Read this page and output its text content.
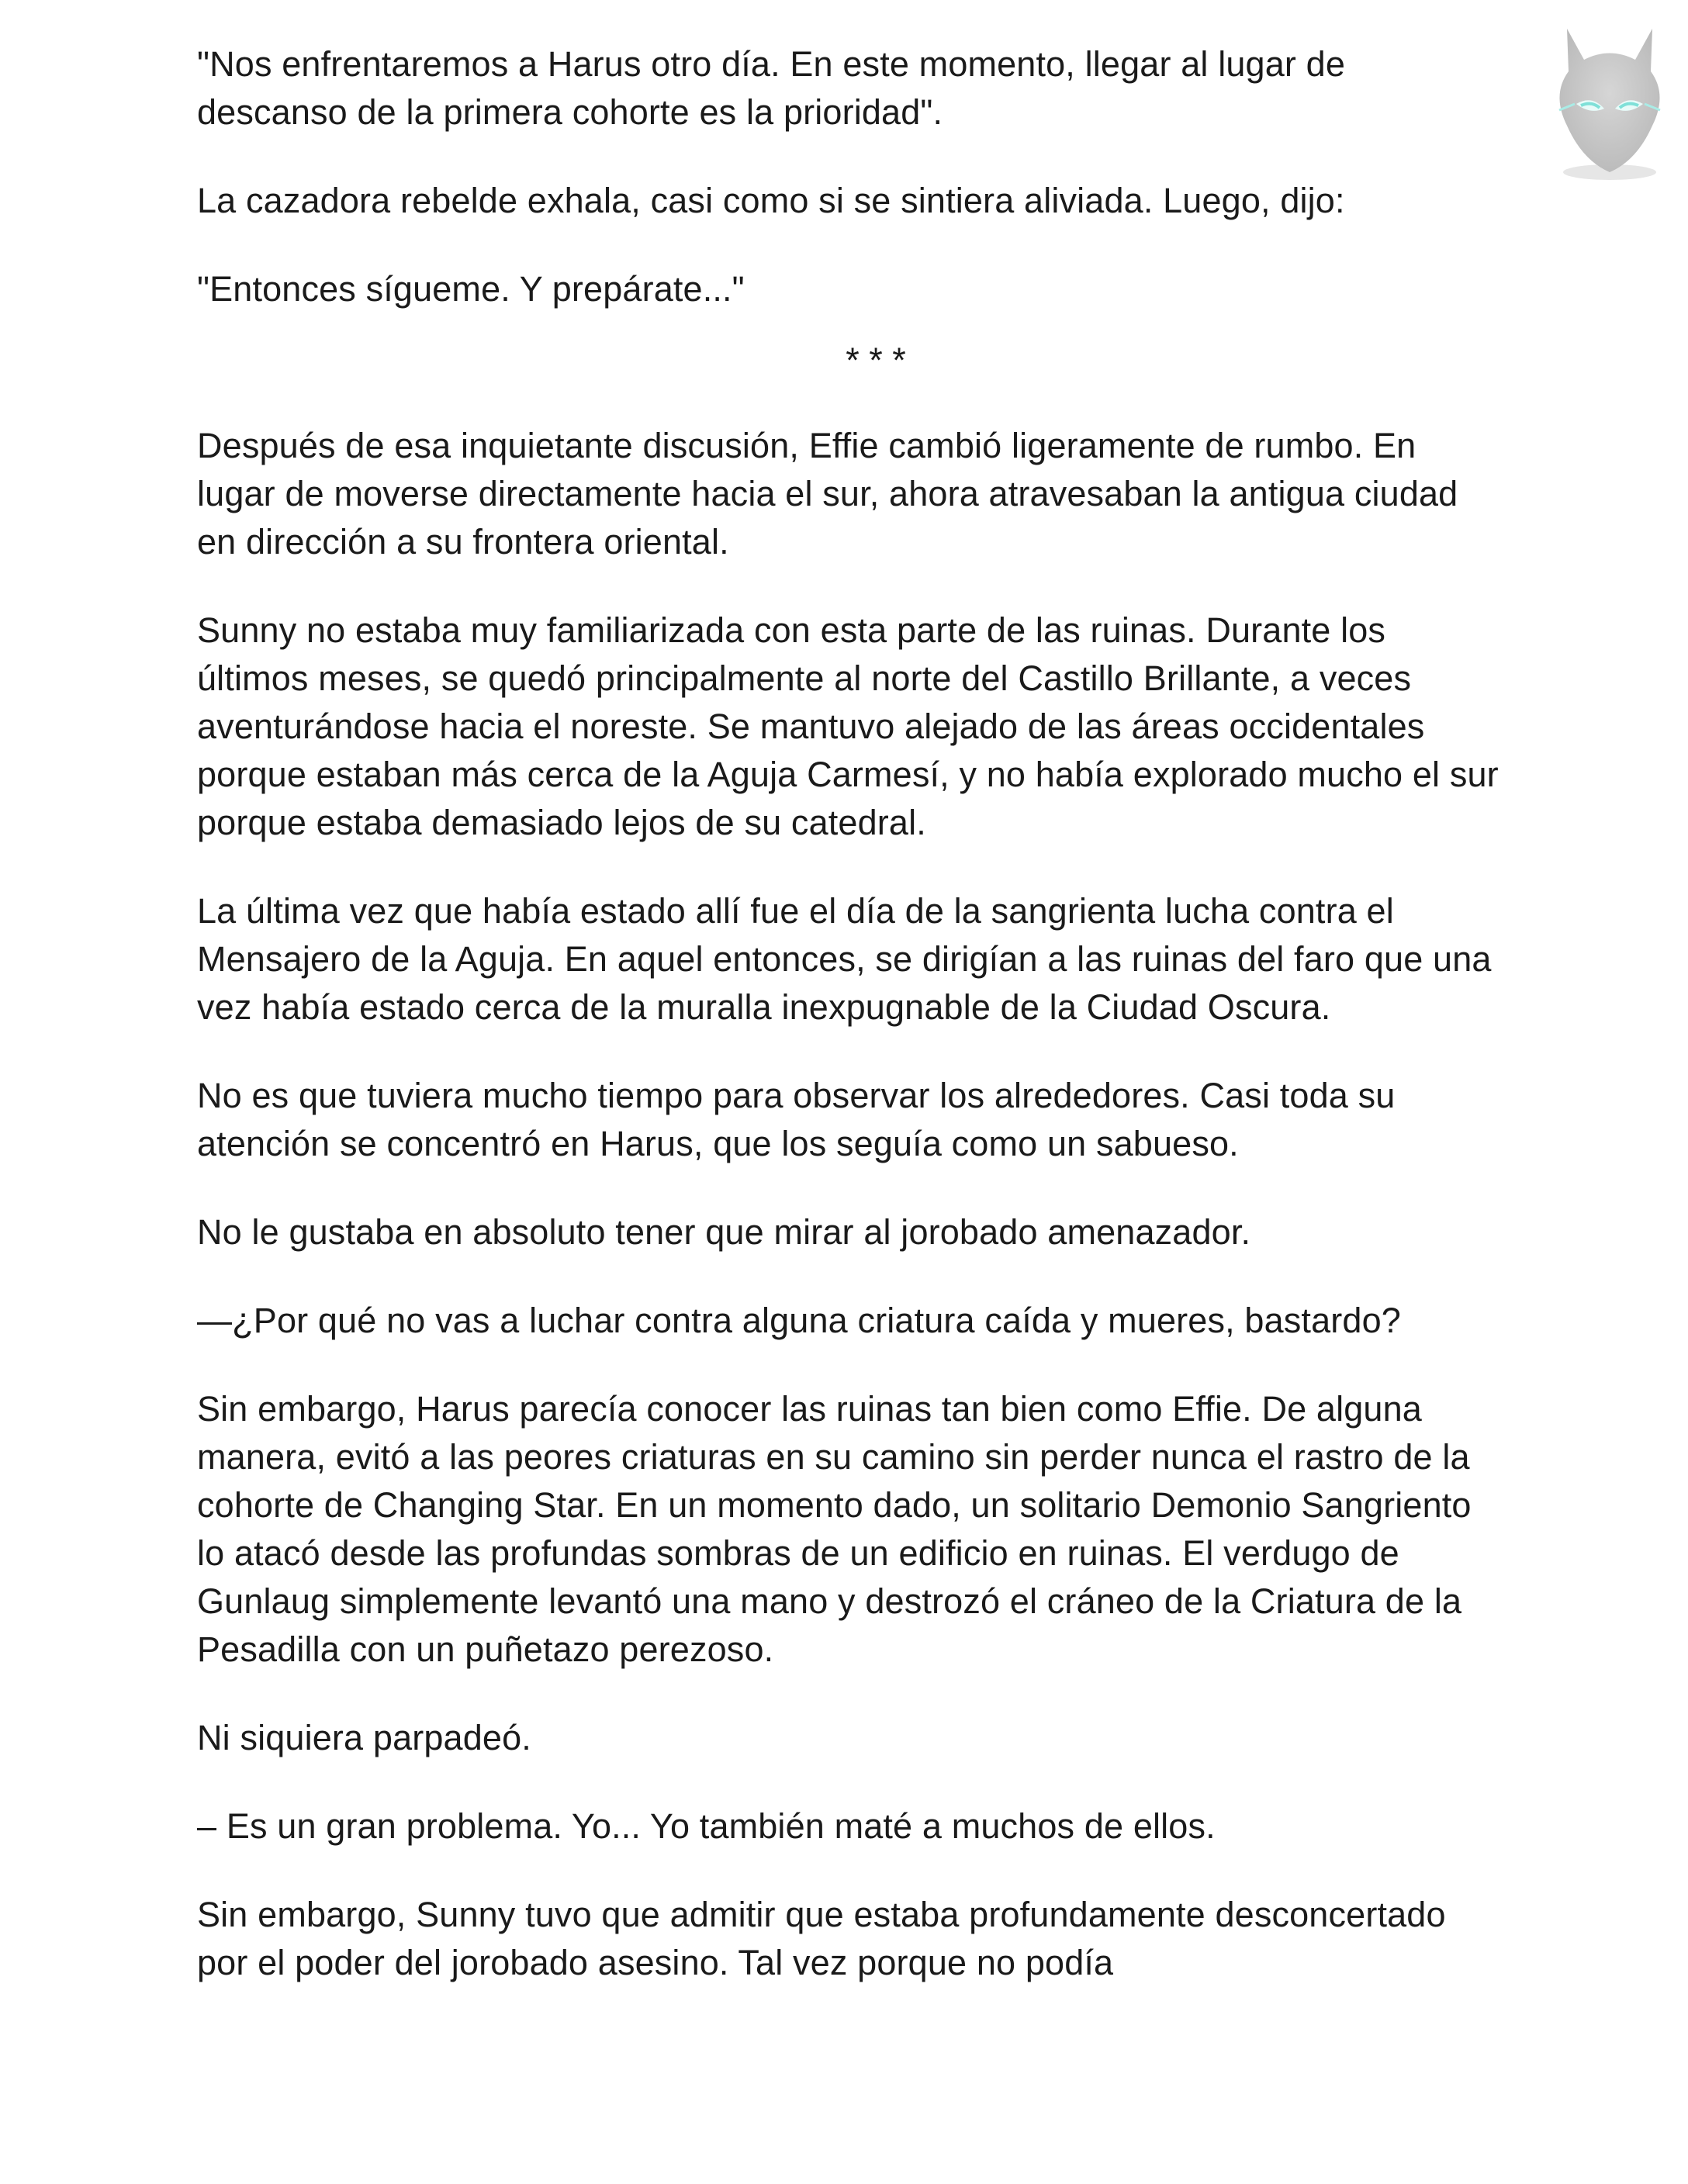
"Nos enfrentaremos a Harus otro día. En este momento, llegar al lugar de descanso de la primera cohorte es la prioridad".

La cazadora rebelde exhala, casi como si se sintiera aliviada. Luego, dijo:

"Entonces sígueme. Y prepárate..."

* * *

Después de esa inquietante discusión, Effie cambió ligeramente de rumbo. En lugar de moverse directamente hacia el sur, ahora atravesaban la antigua ciudad en dirección a su frontera oriental.

Sunny no estaba muy familiarizada con esta parte de las ruinas. Durante los últimos meses, se quedó principalmente al norte del Castillo Brillante, a veces aventurándose hacia el noreste. Se mantuvo alejado de las áreas occidentales porque estaban más cerca de la Aguja Carmesí, y no había explorado mucho el sur porque estaba demasiado lejos de su catedral.

La última vez que había estado allí fue el día de la sangrienta lucha contra el Mensajero de la Aguja. En aquel entonces, se dirigían a las ruinas del faro que una vez había estado cerca de la muralla inexpugnable de la Ciudad Oscura.

No es que tuviera mucho tiempo para observar los alrededores. Casi toda su atención se concentró en Harus, que los seguía como un sabueso.

No le gustaba en absoluto tener que mirar al jorobado amenazador.

—¿Por qué no vas a luchar contra alguna criatura caída y mueres, bastardo?

Sin embargo, Harus parecía conocer las ruinas tan bien como Effie. De alguna manera, evitó a las peores criaturas en su camino sin perder nunca el rastro de la cohorte de Changing Star. En un momento dado, un solitario Demonio Sangriento lo atacó desde las profundas sombras de un edificio en ruinas. El verdugo de Gunlaug simplemente levantó una mano y destrozó el cráneo de la Criatura de la Pesadilla con un puñetazo perezoso.

Ni siquiera parpadeó.

– Es un gran problema. Yo... Yo también maté a muchos de ellos.

Sin embargo, Sunny tuvo que admitir que estaba profundamente desconcertado por el poder del jorobado asesino. Tal vez porque no podía
